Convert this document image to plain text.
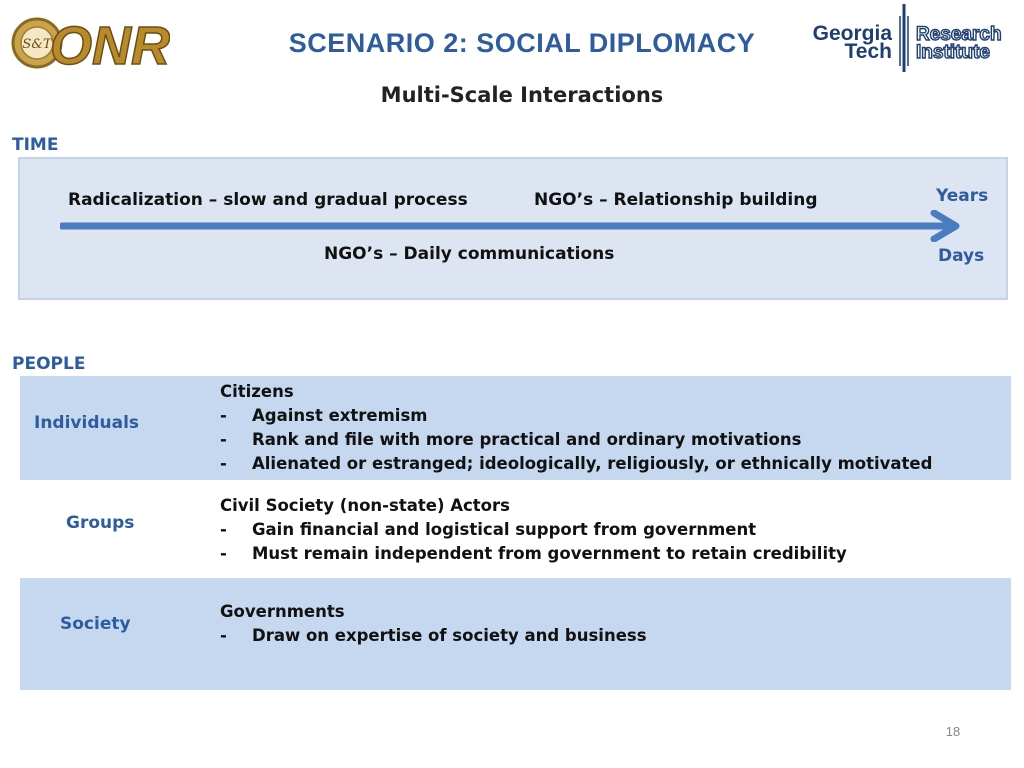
S&T
ONR	SCENARIO 2: SOCIAL DIPLOMACY
Multi-Scale Interactions
Georgia
Tech
Research
Institute
TIME
Radicalization – slow and gradual process	NGO’s – Relationship building
NGO’s – Daily communications
Years
Days
PEOPLE
Individuals
Citizens
- Against extremism
- Rank and file with more practical and ordinary motivations
- Alienated or estranged; ideologically, religiously, or ethnically motivated
Groups
Civil Society (non-state) Actors
- Gain financial and logistical support from government
- Must remain independent from government to retain credibility
Society
Governments
- Draw on expertise of society and business
18
